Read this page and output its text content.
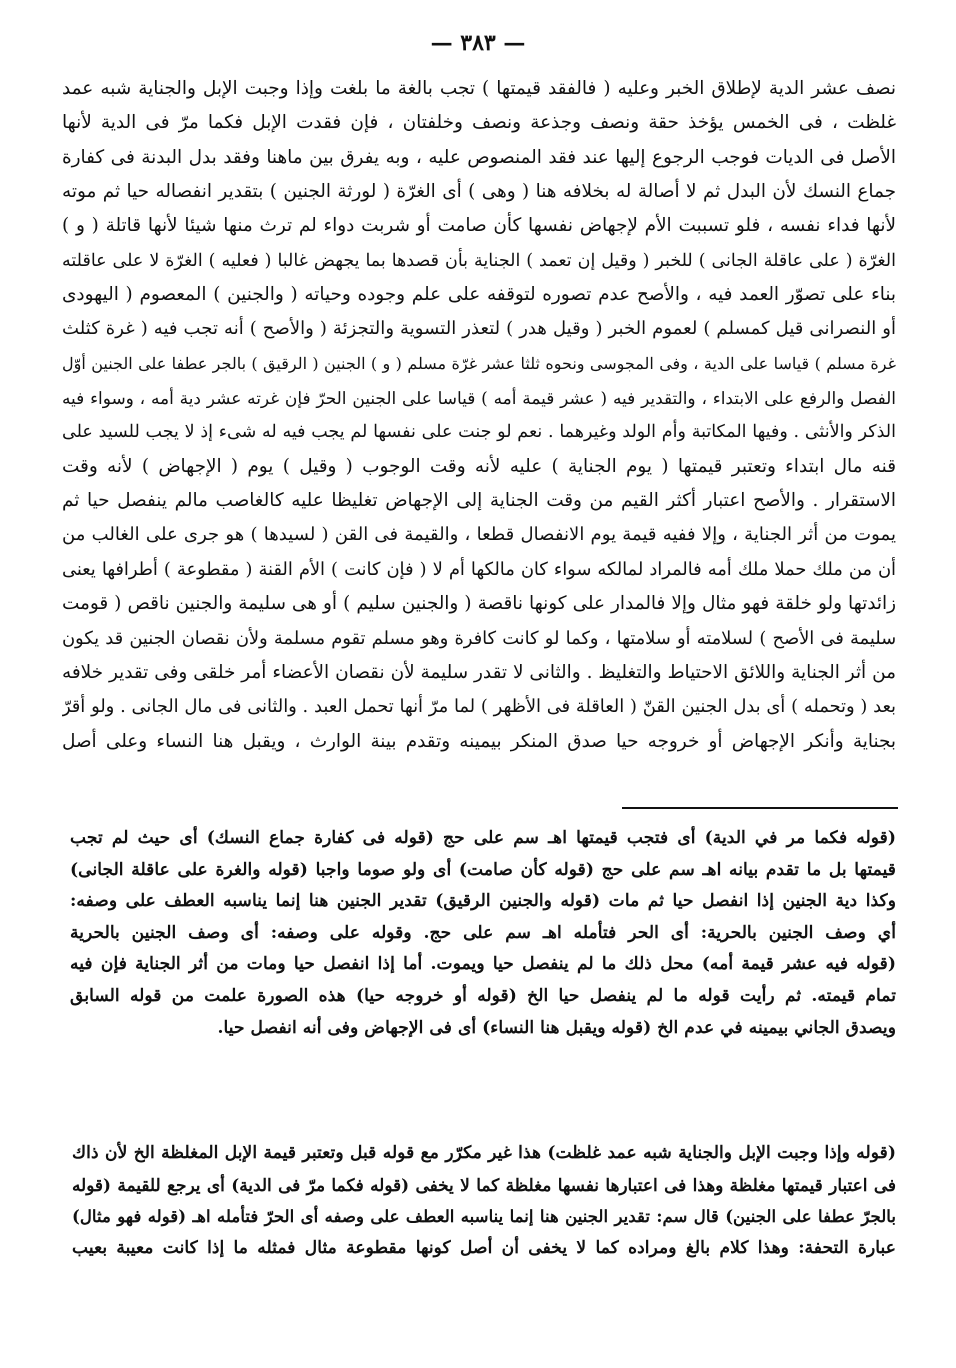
— ٣٨٣ —
نصف عشر الدية لإطلاق الخبر وعليه ( فالفقد قيمتها ) تجب بالغة ما بلغت وإذا وجبت الإبل والجناية شبه عمد
غلظت ، فى الخمس يؤخذ حقة ونصف وجذعة ونصف وخلفتان ، فإن فقدت الإبل فكما مرّ فى الدية لأنها
الأصل فى الديات فوجب الرجوع إليها عند فقد المنصوص عليه ، وبه يفرق بين ماهنا وفقد بدل البدنة فى كفارة
جماع النسك لأن البدل ثم لا أصالة له بخلافه هنا ( وهى ) أى الغرّة ( لورثة الجنين ) بتقدير انفصاله حيا ثم موته
لأنها فداء نفسه ، فلو تسببت الأم لإجهاض نفسها كأن صامت أو شربت دواء لم ترث منها شيئا لأنها قاتلة ( و )
الغرّة ( على عاقلة الجانى ) للخبر ( وقيل إن تعمد ) الجناية بأن قصدها بما يجهض غالبا ( فعليه ) الغرّة لا على عاقلته
بناء على تصوّر العمد فيه ، والأصح عدم تصوره لتوقفه على علم وجوده وحياته ( والجنين ) المعصوم ( اليهودى
أو النصرانى قيل كمسلم ) لعموم الخبر ( وقيل هدر ) لتعذر التسوية والتجزئة ( والأصح ) أنه تجب فيه ( غرة كثلث
غرة مسلم ) قياسا على الدية ، وفى المجوسى ونحوه ثلثا عشر غرّة مسلم ( و ) الجنين ( الرقيق ) بالجر عطفا على الجنين أوّل
الفصل والرفع على الابتداء ، والتقدير فيه ( عشر قيمة أمه ) قياسا على الجنين الحرّ فإن غرته عشر دية أمه ، وسواء فيه
الذكر والأنثى . وفيها المكاتبة وأم الولد وغيرهما . نعم لو جنت على نفسها لم يجب فيه له شىء إذ لا يجب للسيد على
قنه مال ابتداء وتعتبر قيمتها ( يوم الجناية ) عليه لأنه وقت الوجوب ( وقيل ) يوم ( الإجهاض ) لأنه وقت
الاستقرار . والأصح اعتبار أكثر القيم من وقت الجناية إلى الإجهاض تغليظا عليه كالغاصب مالم ينفصل حيا ثم
يموت من أثر الجناية ، وإلا ففيه قيمة يوم الانفصال قطعا ، والقيمة فى القن ( لسيدها ) هو جرى على الغالب من
أن من ملك حملا ملك أمه فالمراد لمالكه سواء كان مالكها أم لا ( فإن كانت ) الأم القنة ( مقطوعة ) أطرافها يعنى
زائدتها ولو خلقة فهو مثال وإلا فالمدار على كونها ناقصة ( والجنين سليم ) أو هى سليمة والجنين ناقص ( قومت
سليمة فى الأصح ) لسلامته أو سلامتها ، وكما لو كانت كافرة وهو مسلم تقوم مسلمة ولأن نقصان الجنين قد يكون
من أثر الجناية واللائق الاحتياط والتغليظ . والثانى لا تقدر سليمة لأن نقصان الأعضاء أمر خلقى وفى تقدير خلافه
بعد ( وتحمله ) أى بدل الجنين القنّ ( العاقلة فى الأظهر ) لما مرّ أنها تحمل العبد . والثانى فى مال الجانى . ولو أقرّ
بجناية وأنكر الإجهاض أو خروجه حيا صدق المنكر بيمينه وتقدم بينة الوارث ، ويقبل هنا النساء وعلى أصل
(قوله فكما مر في الدية) أى فتجب قيمتها اهـ سم على حج (قوله فى كفارة جماع النسك) أى حيث لم تجب
قيمتها بل ما تقدم بيانه اهـ سم على حج (قوله كأن صامت) أى ولو صوما واجبا (قوله والغرة على عاقلة الجانى)
وكذا دية الجنين إذا انفصل حيا ثم مات (قوله والجنين الرقيق) تقدير الجنين هنا إنما يناسبه العطف على وصفه:
أي وصف الجنين بالحرية: أى الحر فتأمله اهـ سم على حج. وقوله على وصفه: أى وصف الجنين بالحرية
(قوله فيه عشر قيمة أمه) محل ذلك ما لم ينفصل حيا ويموت. أما إذا انفصل حيا ومات من أثر الجناية فإن فيه
تمام قيمته. ثم رأيت قوله ما لم ينفصل حيا الخ (قوله أو خروجه حيا) هذه الصورة علمت من قوله السابق
ويصدق الجاني بيمينه في عدم الخ (قوله ويقبل هنا النساء) أى فى الإجهاض وفى أنه انفصل حيا.
(قوله وإذا وجبت الإبل والجناية شبه عمد غلظت) هذا غير مكرّر مع قوله قبل وتعتبر قيمة الإبل المغلظة الخ لأن ذاك
فى اعتبار قيمتها مغلظة وهذا فى اعتبارها نفسها مغلظة كما لا يخفى (قوله فكما مرّ فى الدية) أى يرجع للقيمة (قوله
بالجرّ عطفا على الجنين) قال سم: تقدير الجنين هنا إنما يناسبه العطف على وصفه أى الحرّ فتأمله اهـ (قوله فهو مثال)
عبارة التحفة: وهذا كلام بالغ ومراده كما لا يخفى أن أصل كونها مقطوعة مثال فمثله ما إذا كانت معيبة بعيب
